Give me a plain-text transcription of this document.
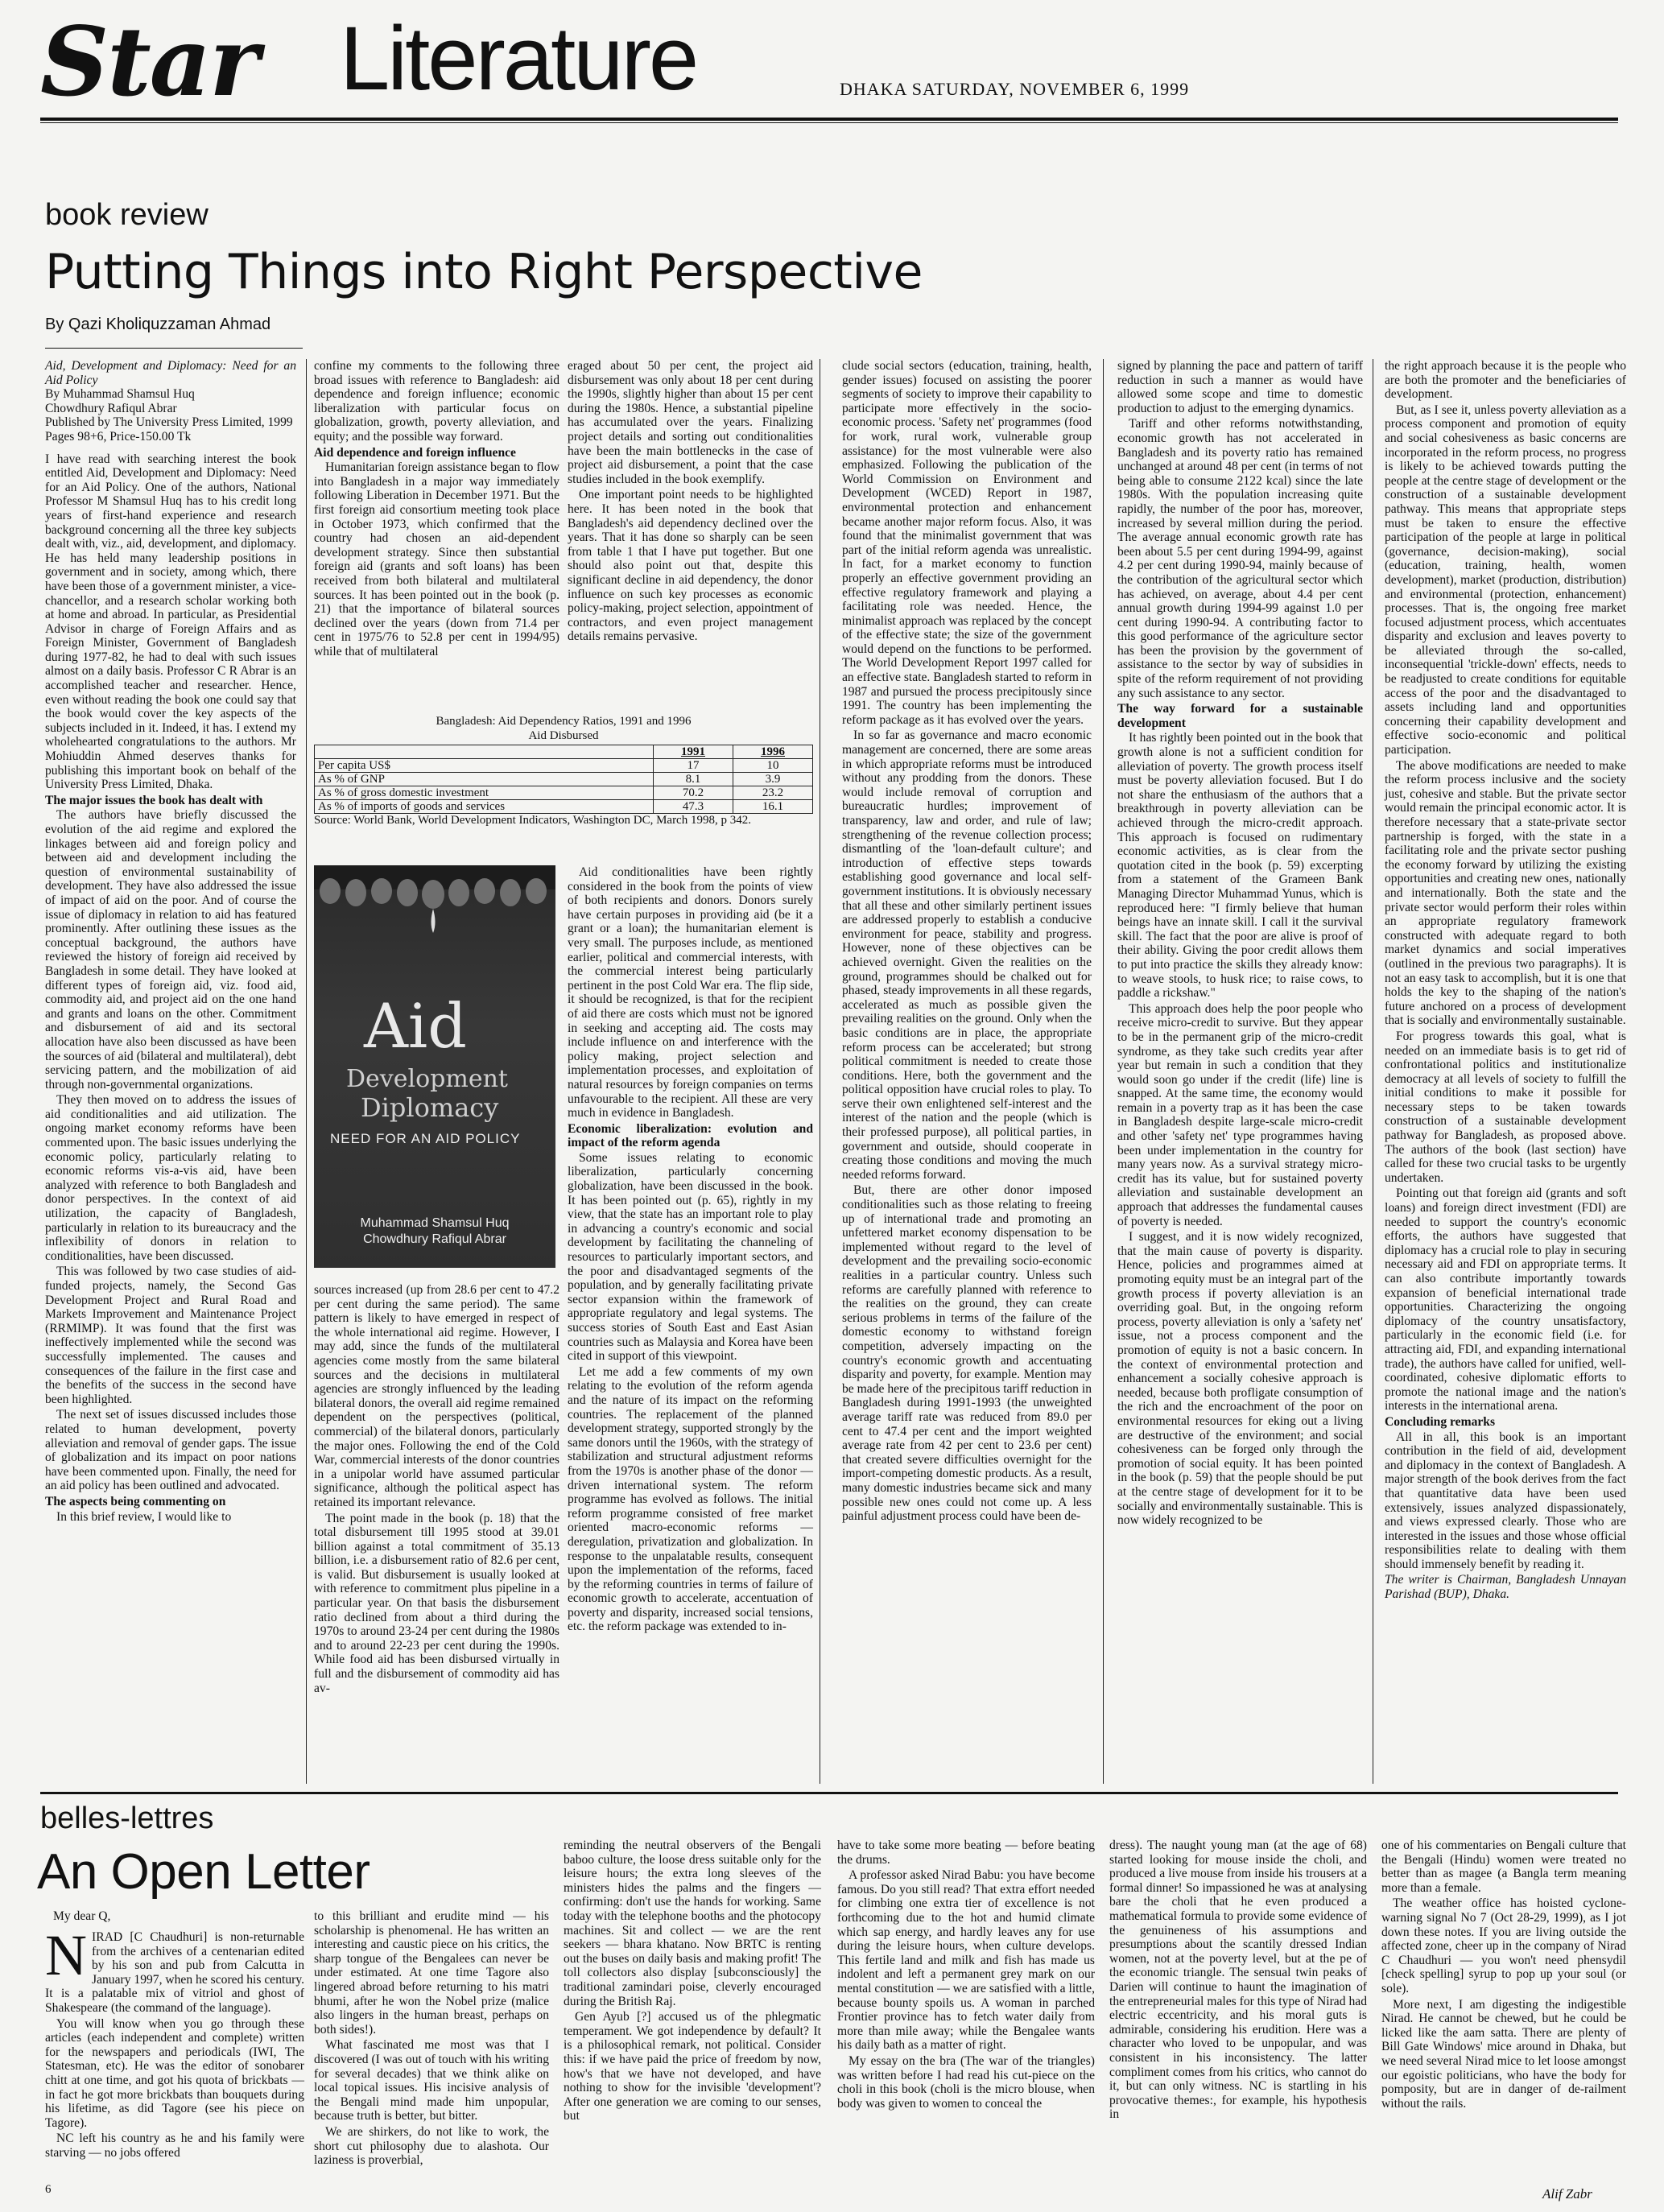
Star Literature	DHAKA SATURDAY, NOVEMBER 6, 1999
book review
Putting Things into Right Perspective
By Qazi Kholiquzzaman Ahmad
Aid, Development and Diplomacy: Need for an Aid Policy
By Muhammad Shamsul Huq
Chowdhury Rafiqul Abrar
Published by The University Press Limited, 1999
Pages 98+6, Price-150.00 Tk

I have read with searching interest the book entitled Aid, Development and Diplomacy: Need for an Aid Policy. One of the authors, National Professor M Shamsul Huq has to his credit long years of first-hand experience and research background concerning all the three key subjects dealt with, viz., aid, development, and diplomacy. He has held many leadership positions in government and in society, among which, there have been those of a government minister, a vice-chancellor, and a research scholar working both at home and abroad. In particular, as Presidential Advisor in charge of Foreign Affairs and as Foreign Minister, Government of Bangladesh during 1977-82, he had to deal with such issues almost on a daily basis. Professor C R Abrar is an accomplished teacher and researcher. Hence, even without reading the book one could say that the book would cover the key aspects of the subjects included in it. Indeed, it has. I extend my wholehearted congratulations to the authors. Mr Mohiuddin Ahmed deserves thanks for publishing this important book on behalf of the University Press Limited, Dhaka.

The major issues the book has dealt with

The authors have briefly discussed the evolution of the aid regime and explored the linkages between aid and foreign policy and between aid and development including the question of environmental sustainability of development. They have also addressed the issue of impact of aid on the poor. And of course the issue of diplomacy in relation to aid has featured prominently. After outlining these issues as the conceptual background, the authors have reviewed the history of foreign aid received by Bangladesh in some detail. They have looked at different types of foreign aid, viz. food aid, commodity aid, and project aid on the one hand and grants and loans on the other. Commitment and disbursement of aid and its sectoral allocation have also been discussed as have been the sources of aid (bilateral and multilateral), debt servicing pattern, and the mobilization of aid through non-governmental organizations.

They then moved on to address the issues of aid conditionalities and aid utilization. The ongoing market economy reforms have been commented upon. The basic issues underlying the economic policy, particularly relating to economic reforms vis-a-vis aid, have been analyzed with reference to both Bangladesh and donor perspectives. In the context of aid utilization, the capacity of Bangladesh, particularly in relation to its bureaucracy and the inflexibility of donors in relation to conditionalities, have been discussed.

This was followed by two case studies of aid-funded projects, namely, the Second Gas Development Project and Rural Road and Markets Improvement and Maintenance Project (RRMIMP). It was found that the first was ineffectively implemented while the second was successfully implemented. The causes and consequences of the failure in the first case and the benefits of the success in the second have been highlighted.

The next set of issues discussed includes those related to human development, poverty alleviation and removal of gender gaps. The issue of globalization and its impact on poor nations have been commented upon. Finally, the need for an aid policy has been outlined and advocated.

The aspects being commenting on

In this brief review, I would like to

confine my comments to the following three broad issues with reference to Bangladesh: aid dependence and foreign influence; economic liberalization with particular focus on globalization, growth, poverty alleviation, and equity; and the possible way forward.

Aid dependence and foreign influence

Humanitarian foreign assistance began to flow into Bangladesh in a major way immediately following Liberation in December 1971. But the first foreign aid consortium meeting took place in October 1973, which confirmed that the country had chosen an aid-dependent development strategy. Since then substantial foreign aid (grants and soft loans) has been received from both bilateral and multilateral sources. It has been pointed out in the book (p. 21) that the importance of bilateral sources declined over the years (down from 71.4 per cent in 1975/76 to 52.8 per cent in 1994/95) while that of multilateral

eraged about 50 per cent, the project aid disbursement was only about 18 per cent during the 1990s, slightly higher than about 15 per cent during the 1980s. Hence, a substantial pipeline has accumulated over the years. Finalizing project details and sorting out conditionalities have been the main bottlenecks in the case of project aid disbursement, a point that the case studies included in the book exemplify.

One important point needs to be highlighted here. It has been noted in the book that Bangladesh's aid dependency declined over the years. That it has done so sharply can be seen from table 1 that I have put together. But one should also point out that, despite this significant decline in aid dependency, the donor influence on such key processes as economic policy-making, project selection, appointment of contractors, and even project management details remains pervasive.

Bangladesh: Aid Dependency Ratios, 1991 and 1996
Aid Disbursed
	1991	1996
Per capita US$	17	10
As % of GNP	8.1	3.9
As % of gross domestic investment	70.2	23.2
As % of imports of goods and services	47.3	16.1
Source: World Bank, World Development Indicators, Washington DC, March 1998, p 342.
Aid
Development
Diplomacy
NEED FOR AN AID POLICY
Muhammad Shamsul Huq
Chowdhury Rafiqul Abrar

sources increased (up from 28.6 per cent to 47.2 per cent during the same period). The same pattern is likely to have emerged in respect of the whole international aid regime. However, I may add, since the funds of the multilateral agencies come mostly from the same bilateral sources and the decisions in multilateral agencies are strongly influenced by the leading bilateral donors, the overall aid regime remained dependent on the perspectives (political, commercial) of the bilateral donors, particularly the major ones. Following the end of the Cold War, commercial interests of the donor countries in a unipolar world have assumed particular significance, although the political aspect has retained its important relevance.

The point made in the book (p. 18) that the total disbursement till 1995 stood at 39.01 billion against a total commitment of 35.13 billion, i.e. a disbursement ratio of 82.6 per cent, is valid. But disbursement is usually looked at with reference to commitment plus pipeline in a particular year. On that basis the disbursement ratio declined from about a third during the 1970s to around 23-24 per cent during the 1980s and to around 22-23 per cent during the 1990s. While food aid has been disbursed virtually in full and the disbursement of commodity aid has av-

Aid conditionalities have been rightly considered in the book from the points of view of both recipients and donors. Donors surely have certain purposes in providing aid (be it a grant or a loan); the humanitarian element is very small. The purposes include, as mentioned earlier, political and commercial interests, with the commercial interest being particularly pertinent in the post Cold War era. The flip side, it should be recognized, is that for the recipient of aid there are costs which must not be ignored in seeking and accepting aid. The costs may include influence on and interference with the policy making, project selection and implementation processes, and exploitation of natural resources by foreign companies on terms unfavourable to the recipient. All these are very much in evidence in Bangladesh.

Economic liberalization: evolution and impact of the reform agenda

Some issues relating to economic liberalization, particularly concerning globalization, have been discussed in the book. It has been pointed out (p. 65), rightly in my view, that the state has an important role to play in advancing a country's economic and social development by facilitating the channeling of resources to particularly important sectors, and the poor and disadvantaged segments of the population, and by generally facilitating private sector expansion within the framework of appropriate regulatory and legal systems. The success stories of South East and East Asian countries such as Malaysia and Korea have been cited in support of this viewpoint.

Let me add a few comments of my own relating to the evolution of the reform agenda and the nature of its impact on the reforming countries. The replacement of the planned development strategy, supported strongly by the same donors until the 1960s, with the strategy of stabilization and structural adjustment reforms from the 1970s is another phase of the donor — driven international system. The reform programme has evolved as follows. The initial reform programme consisted of free market oriented macro-economic reforms — deregulation, privatization and globalization. In response to the unpalatable results, consequent upon the implementation of the reforms, faced by the reforming countries in terms of failure of economic growth to accelerate, accentuation of poverty and disparity, increased social tensions, etc. the reform package was extended to in-

clude social sectors (education, training, health, gender issues) focused on assisting the poorer segments of society to improve their capability to participate more effectively in the socio-economic process. 'Safety net' programmes (food for work, rural work, vulnerable group assistance) for the most vulnerable were also emphasized. Following the publication of the World Commission on Environment and Development (WCED) Report in 1987, environmental protection and enhancement became another major reform focus. Also, it was found that the minimalist government that was part of the initial reform agenda was unrealistic. In fact, for a market economy to function properly an effective government providing an effective regulatory framework and playing a facilitating role was needed. Hence, the minimalist approach was replaced by the concept of the effective state; the size of the government would depend on the functions to be performed. The World Development Report 1997 called for an effective state. Bangladesh started to reform in 1987 and pursued the process precipitously since 1991. The country has been implementing the reform package as it has evolved over the years.

In so far as governance and macro economic management are concerned, there are some areas in which appropriate reforms must be introduced without any prodding from the donors. These would include removal of corruption and bureaucratic hurdles; improvement of transparency, law and order, and rule of law; strengthening of the revenue collection process; dismantling of the 'loan-default culture'; and introduction of effective steps towards establishing good governance and local self-government institutions. It is obviously necessary that all these and other similarly pertinent issues are addressed properly to establish a conducive environment for peace, stability and progress. However, none of these objectives can be achieved overnight. Given the realities on the ground, programmes should be chalked out for phased, steady improvements in all these regards, accelerated as much as possible given the prevailing realities on the ground. Only when the basic conditions are in place, the appropriate reform process can be accelerated; but strong political commitment is needed to create those conditions. Here, both the government and the political opposition have crucial roles to play. To serve their own enlightened self-interest and the interest of the nation and the people (which is their professed purpose), all political parties, in government and outside, should cooperate in creating those conditions and moving the much needed reforms forward.

But, there are other donor imposed conditionalities such as those relating to freeing up of international trade and promoting an unfettered market economy dispensation to be implemented without regard to the level of development and the prevailing socio-economic realities in a particular country. Unless such reforms are carefully planned with reference to the realities on the ground, they can create serious problems in terms of the failure of the domestic economy to withstand foreign competition, adversely impacting on the country's economic growth and accentuating disparity and poverty, for example. Mention may be made here of the precipitous tariff reduction in Bangladesh during 1991-1993 (the unweighted average tariff rate was reduced from 89.0 per cent to 47.4 per cent and the import weighted average rate from 42 per cent to 23.6 per cent) that created severe difficulties overnight for the import-competing domestic products. As a result, many domestic industries became sick and many possible new ones could not come up. A less painful adjustment process could have been de-

signed by planning the pace and pattern of tariff reduction in such a manner as would have allowed some scope and time to domestic production to adjust to the emerging dynamics.

Tariff and other reforms notwithstanding, economic growth has not accelerated in Bangladesh and its poverty ratio has remained unchanged at around 48 per cent (in terms of not being able to consume 2122 kcal) since the late 1980s. With the population increasing quite rapidly, the number of the poor has, moreover, increased by several million during the period. The average annual economic growth rate has been about 5.5 per cent during 1994-99, against 4.2 per cent during 1990-94, mainly because of the contribution of the agricultural sector which has achieved, on average, about 4.4 per cent annual growth during 1994-99 against 1.0 per cent during 1990-94. A contributing factor to this good performance of the agriculture sector has been the provision by the government of assistance to the sector by way of subsidies in spite of the reform requirement of not providing any such assistance to any sector.

The way forward for a sustainable development

It has rightly been pointed out in the book that growth alone is not a sufficient condition for alleviation of poverty. The growth process itself must be poverty alleviation focused. But I do not share the enthusiasm of the authors that a breakthrough in poverty alleviation can be achieved through the micro-credit approach. This approach is focused on rudimentary economic activities, as is clear from the quotation cited in the book (p. 59) excerpting from a statement of the Grameen Bank Managing Director Muhammad Yunus, which is reproduced here: "I firmly believe that human beings have an innate skill. I call it the survival skill. The fact that the poor are alive is proof of their ability. Giving the poor credit allows them to put into practice the skills they already know: to weave stools, to husk rice; to raise cows, to paddle a rickshaw."

This approach does help the poor people who receive micro-credit to survive. But they appear to be in the permanent grip of the micro-credit syndrome, as they take such credits year after year but remain in such a condition that they would soon go under if the credit (life) line is snapped. At the same time, the economy would remain in a poverty trap as it has been the case in Bangladesh despite large-scale micro-credit and other 'safety net' type programmes having been under implementation in the country for many years now. As a survival strategy micro-credit has its value, but for sustained poverty alleviation and sustainable development an approach that addresses the fundamental causes of poverty is needed.

I suggest, and it is now widely recognized, that the main cause of poverty is disparity. Hence, policies and programmes aimed at promoting equity must be an integral part of the growth process if poverty alleviation is an overriding goal. But, in the ongoing reform process, poverty alleviation is only a 'safety net' issue, not a process component and the promotion of equity is not a basic concern. In the context of environmental protection and enhancement a socially cohesive approach is needed, because both profligate consumption of the rich and the encroachment of the poor on environmental resources for eking out a living are destructive of the environment; and social cohesiveness can be forged only through the promotion of social equity. It has been pointed in the book (p. 59) that the people should be put at the centre stage of development for it to be socially and environmentally sustainable. This is now widely recognized to be

the right approach because it is the people who are both the promoter and the beneficiaries of development.

But, as I see it, unless poverty alleviation as a process component and promotion of equity and social cohesiveness as basic concerns are incorporated in the reform process, no progress is likely to be achieved towards putting the people at the centre stage of development or the construction of a sustainable development pathway. This means that appropriate steps must be taken to ensure the effective participation of the people at large in political (governance, decision-making), social (education, training, health, women development), market (production, distribution) and environmental (protection, enhancement) processes. That is, the ongoing free market focused adjustment process, which accentuates disparity and exclusion and leaves poverty to be alleviated through the so-called, inconsequential 'trickle-down' effects, needs to be readjusted to create conditions for equitable access of the poor and the disadvantaged to assets including land and opportunities concerning their capability development and effective socio-economic and political participation.

The above modifications are needed to make the reform process inclusive and the society just, cohesive and stable. But the private sector would remain the principal economic actor. It is therefore necessary that a state-private sector partnership is forged, with the state in a facilitating role and the private sector pushing the economy forward by utilizing the existing opportunities and creating new ones, nationally and internationally. Both the state and the private sector would perform their roles within an appropriate regulatory framework constructed with adequate regard to both market dynamics and social imperatives (outlined in the previous two paragraphs). It is not an easy task to accomplish, but it is one that holds the key to the shaping of the nation's future anchored on a process of development that is socially and environmentally sustainable.

For progress towards this goal, what is needed on an immediate basis is to get rid of confrontational politics and institutionalize democracy at all levels of society to fulfill the initial conditions to make it possible for necessary steps to be taken towards construction of a sustainable development pathway for Bangladesh, as proposed above. The authors of the book (last section) have called for these two crucial tasks to be urgently undertaken.

Pointing out that foreign aid (grants and soft loans) and foreign direct investment (FDI) are needed to support the country's economic efforts, the authors have suggested that diplomacy has a crucial role to play in securing necessary aid and FDI on appropriate terms. It can also contribute importantly towards expansion of beneficial international trade opportunities. Characterizing the ongoing diplomacy of the country unsatisfactory, particularly in the economic field (i.e. for attracting aid, FDI, and expanding international trade), the authors have called for unified, well-coordinated, cohesive diplomatic efforts to promote the national image and the nation's interests in the international arena.

Concluding remarks

All in all, this book is an important contribution in the field of aid, development and diplomacy in the context of Bangladesh. A major strength of the book derives from the fact that quantitative data have been used extensively, issues analyzed dispassionately, and views expressed clearly. Those who are interested in the issues and those whose official responsibilities relate to dealing with them should immensely benefit by reading it.

The writer is Chairman, Bangladesh Unnayan Parishad (BUP), Dhaka.

belles-lettres
An Open Letter
My dear Q,

NIRAD [C Chaudhuri] is non-returnable from the archives of a centenarian edited by his son and pub from Calcutta in January 1997, when he scored his century. It is a palatable mix of vitriol and ghost of Shakespeare (the command of the language).

You will know when you go through these articles (each independent and complete) written for the newspapers and periodicals (IWI, The Statesman, etc). He was the editor of sonobarer chitt at one time, and got his quota of brickbats — in fact he got more brickbats than bouquets during his lifetime, as did Tagore (see his piece on Tagore).

NC left his country as he and his family were starving — no jobs offered

6

to this brilliant and erudite mind — his scholarship is phenomenal. He has written an interesting and caustic piece on his critics, the sharp tongue of the Bengalees can never be under estimated. At one time Tagore also lingered abroad before returning to his matri bhumi, after he won the Nobel prize (malice also lingers in the human breast, perhaps on both sides!).

What fascinated me most was that I discovered (I was out of touch with his writing for several decades) that we think alike on local topical issues. His incisive analysis of the Bengali mind made him unpopular, because truth is better, but bitter.

We are shirkers, do not like to work, the short cut philosophy due to alashota. Our laziness is proverbial,

reminding the neutral observers of the Bengali baboo culture, the loose dress suitable only for the leisure hours; the extra long sleeves of the ministers hides the palms and the fingers — confirming: don't use the hands for working. Same today with the telephone booths and the photocopy machines. Sit and collect — we are the rent seekers — bhara khatano. Now BRTC is renting out the buses on daily basis and making profit! The toll collectors also display [subconsciously] the traditional zamindari poise, cleverly encouraged during the British Raj.

Gen Ayub [?] accused us of the phlegmatic temperament. We got independence by default? It is a philosophical remark, not political. Consider this: if we have paid the price of freedom by now, how's that we have not developed, and have nothing to show for the invisible 'development'? After one generation we are coming to our senses, but

have to take some more beating — before beating the drums.

A professor asked Nirad Babu: you have become famous. Do you still read? That extra effort needed for climbing one extra tier of excellence is not forthcoming due to the hot and humid climate which sap energy, and hardly leaves any for use during the leisure hours, when culture develops. This fertile land and milk and fish has made us indolent and left a permanent grey mark on our mental constitution — we are satisfied with a little, because bounty spoils us. A woman in parched Frontier province has to fetch water daily from more than mile away; while the Bengalee wants his daily bath as a matter of right.

My essay on the bra (The war of the triangles) was written before I had read his cut-piece on the choli in this book (choli is the micro blouse, when body was given to women to conceal the

dress). The naught young man (at the age of 68) started looking for mouse inside the choli, and produced a live mouse from inside his trousers at a formal dinner! So impassioned he was at analysing bare the choli that he even produced a mathematical formula to provide some evidence of the genuineness of his assumptions and presumptions about the scantily dressed Indian women, not at the poverty level, but at the pe of the economic triangle. The sensual twin peaks of Darien will continue to haunt the imagination of the entrepreneurial males for this type of Nirad had electric eccentricity, and his moral guts is admirable, considering his erudition. Here was a character who loved to be unpopular, and was consistent in his inconsistency. The latter compliment comes from his critics, who cannot do it, but can only witness. NC is startling in his provocative themes:, for example, his hypothesis in

one of his commentaries on Bengali culture that the Bengali (Hindu) women were treated no better than as magee (a Bangla term meaning more than a female.

The weather office has hoisted cyclone-warning signal No 7 (Oct 28-29, 1999), as I jot down these notes. If you are living outside the affected zone, cheer up in the company of Nirad C Chaudhuri — you won't need phensydil [check spelling] syrup to pop up your soul (or sole).

More next, I am digesting the indigestible Nirad. He cannot be chewed, but he could be licked like the aam satta. There are plenty of Bill Gate Windows' mice around in Dhaka, but we need several Nirad mice to let loose amongst our egoistic politicians, who have the body for pomposity, but are in danger of de-railment without the rails.

Alif Zabr
